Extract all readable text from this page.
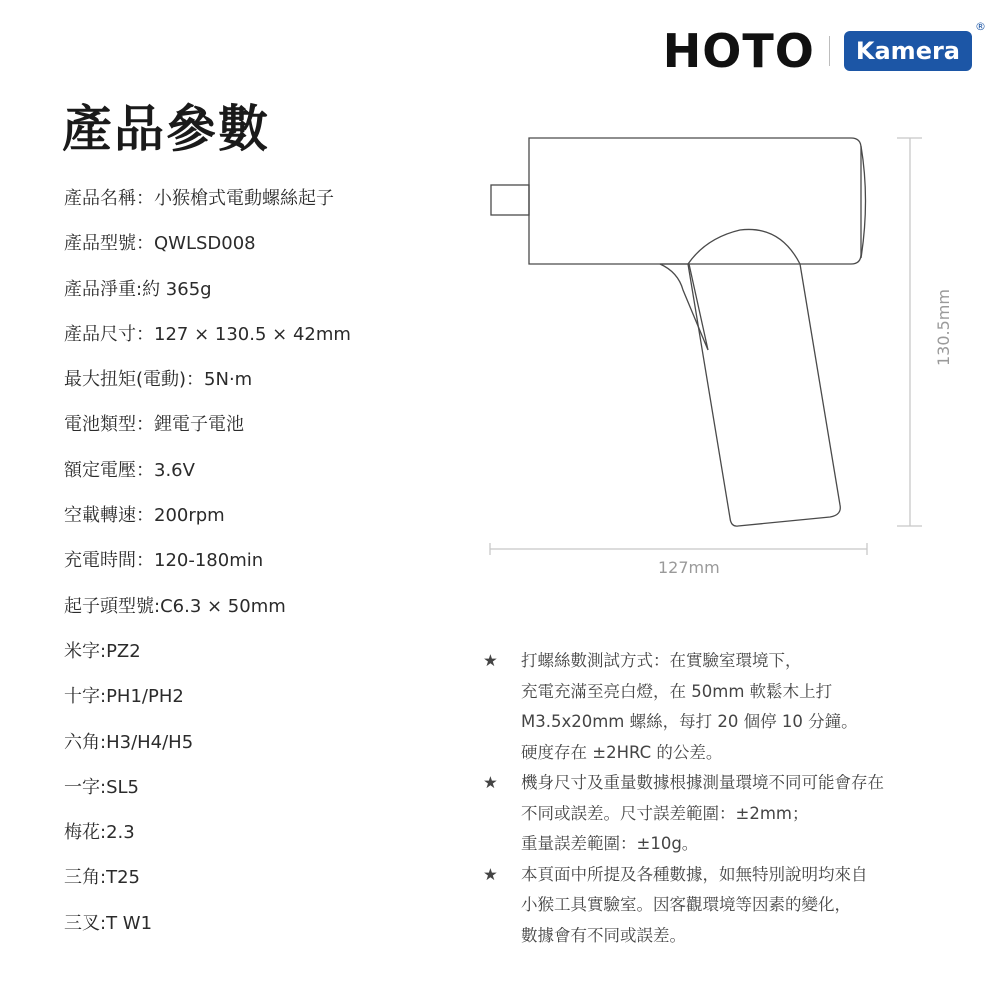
HOTO	Kamera
®
產品參數
產品名稱： 小猴槍式電動螺絲起子
產品型號： QWLSD008
產品淨重: 約 365g
產品尺寸： 127 × 130.5 × 42mm
最大扭矩(電動)： 5N·m
電池類型： 鋰電子電池
額定電壓： 3.6V
空載轉速： 200rpm
充電時間： 120-180min
起子頭型號: C6.3 × 50mm
米字: PZ2
十字: PH1/PH2
六角: H3/H4/H5
一字: SL5
梅花: 2.3
三角: T25
三叉: T W1
127mm
130.5mm
★	打螺絲數測試方式：在實驗室環境下，
充電充滿至亮白燈，在 50mm 軟鬆木上打
M3.5x20mm 螺絲，每打 20 個停 10 分鐘。
硬度存在 ±2HRC 的公差。
★	機身尺寸及重量數據根據測量環境不同可能會存在
不同或誤差。尺寸誤差範圍：±2mm；
重量誤差範圍：±10g。
★	本頁面中所提及各種數據，如無特別說明均來自
小猴工具實驗室。因客觀環境等因素的變化，
數據會有不同或誤差。
